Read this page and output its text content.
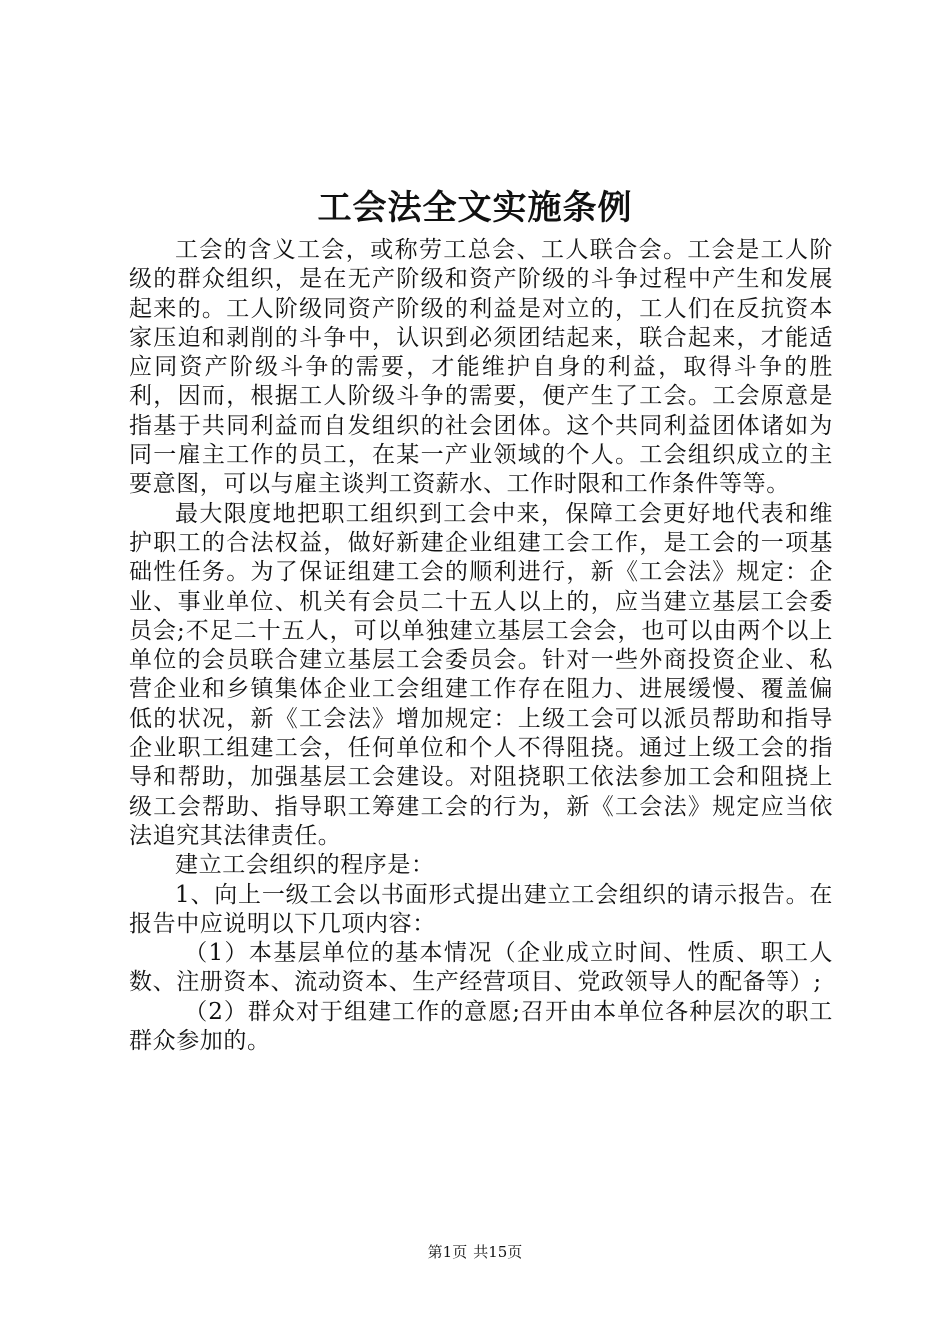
工会法全文实施条例

工会的含义工会，或称劳工总会、工人联合会。工会是工人阶级的群众组织，是在无产阶级和资产阶级的斗争过程中产生和发展起来的。工人阶级同资产阶级的利益是对立的，工人们在反抗资本家压迫和剥削的斗争中，认识到必须团结起来，联合起来，才能适应同资产阶级斗争的需要，才能维护自身的利益，取得斗争的胜利，因而，根据工人阶级斗争的需要，便产生了工会。工会原意是指基于共同利益而自发组织的社会团体。这个共同利益团体诸如为同一雇主工作的员工，在某一产业领域的个人。工会组织成立的主要意图，可以与雇主谈判工资薪水、工作时限和工作条件等等。

最大限度地把职工组织到工会中来，保障工会更好地代表和维护职工的合法权益，做好新建企业组建工会工作，是工会的一项基础性任务。为了保证组建工会的顺利进行，新《工会法》规定：企业、事业单位、机关有会员二十五人以上的，应当建立基层工会委员会;不足二十五人，可以单独建立基层工会会，也可以由两个以上单位的会员联合建立基层工会委员会。针对一些外商投资企业、私营企业和乡镇集体企业工会组建工作存在阻力、进展缓慢、覆盖偏低的状况，新《工会法》增加规定：上级工会可以派员帮助和指导企业职工组建工会，任何单位和个人不得阻挠。通过上级工会的指导和帮助，加强基层工会建设。对阻挠职工依法参加工会和阻挠上级工会帮助、指导职工筹建工会的行为，新《工会法》规定应当依法追究其法律责任。

建立工会组织的程序是：

1、向上一级工会以书面形式提出建立工会组织的请示报告。在报告中应说明以下几项内容：

（1）本基层单位的基本情况（企业成立时间、性质、职工人数、注册资本、流动资本、生产经营项目、党政领导人的配备等）;

（2）群众对于组建工作的意愿;召开由本单位各种层次的职工群众参加的。

第1页 共15页
